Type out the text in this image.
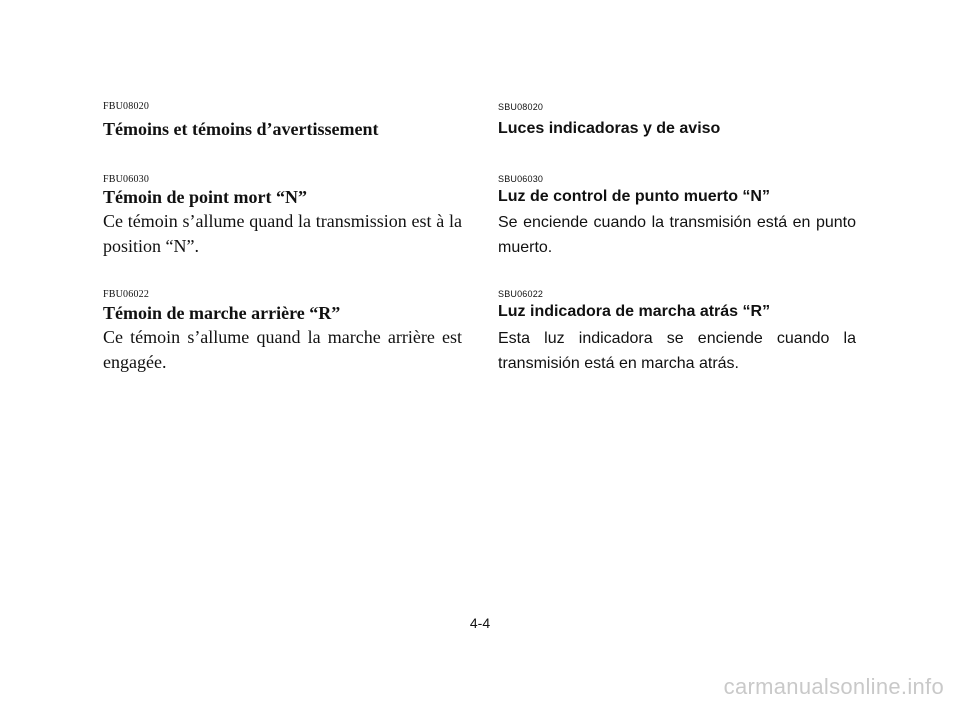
FBU08020
Témoins et témoins d’avertissement
FBU06030
Témoin de point mort “N”

Ce témoin s’allume quand la transmission est à la position “N”.

FBU06022
Témoin de marche arrière “R”

Ce témoin s’allume quand la marche arrière est engagée.

SBU08020
Luces indicadoras y de aviso
SBU06030
Luz de control de punto muerto “N”

Se enciende cuando la transmisión está en punto muerto.

SBU06022
Luz indicadora de marcha atrás “R”

Esta luz indicadora se enciende cuando la transmisión está en marcha atrás.

4-4
carmanualsonline.info
